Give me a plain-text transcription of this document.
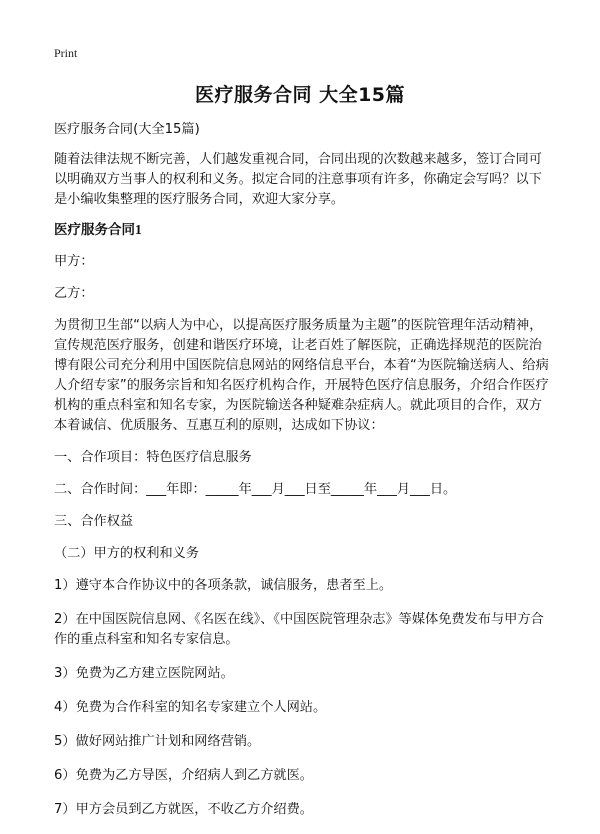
Print
医疗服务合同 大全15篇

医疗服务合同(大全15篇)

随着法律法规不断完善，人们越发重视合同，合同出现的次数越来越多，签订合同可以明确双方当事人的权利和义务。拟定合同的注意事项有许多，你确定会写吗？以下是小编收集整理的医疗服务合同，欢迎大家分享。

医疗服务合同1

甲方：

乙方：

为贯彻卫生部“以病人为中心，以提高医疗服务质量为主题”的医院管理年活动精神，宣传规范医疗服务，创建和谐医疗环境，让老百姓了解医院，正确选择规范的医院治博有限公司充分利用中国医院信息网站的网络信息平台，本着“为医院输送病人、给病人介绍专家”的服务宗旨和知名医疗机构合作，开展特色医疗信息服务，介绍合作医疗机构的重点科室和知名专家，为医院输送各种疑难杂症病人。就此项目的合作，双方本着诚信、优质服务、互惠互利的原则，达成如下协议：

一、合作项目：特色医疗信息服务

二、合作时间：___年即：_____年___月___日至_____年___月___日。

三、合作权益

（二）甲方的权利和义务

1）遵守本合作协议中的各项条款，诚信服务，患者至上。

2）在中国医院信息网、《名医在线》、《中国医院管理杂志》等媒体免费发布与甲方合作的重点科室和知名专家信息。

3）免费为乙方建立医院网站。

4）免费为合作科室的知名专家建立个人网站。

5）做好网站推广计划和网络营销。

6）免费为乙方导医，介绍病人到乙方就医。

7）甲方会员到乙方就医，不收乙方介绍费。
